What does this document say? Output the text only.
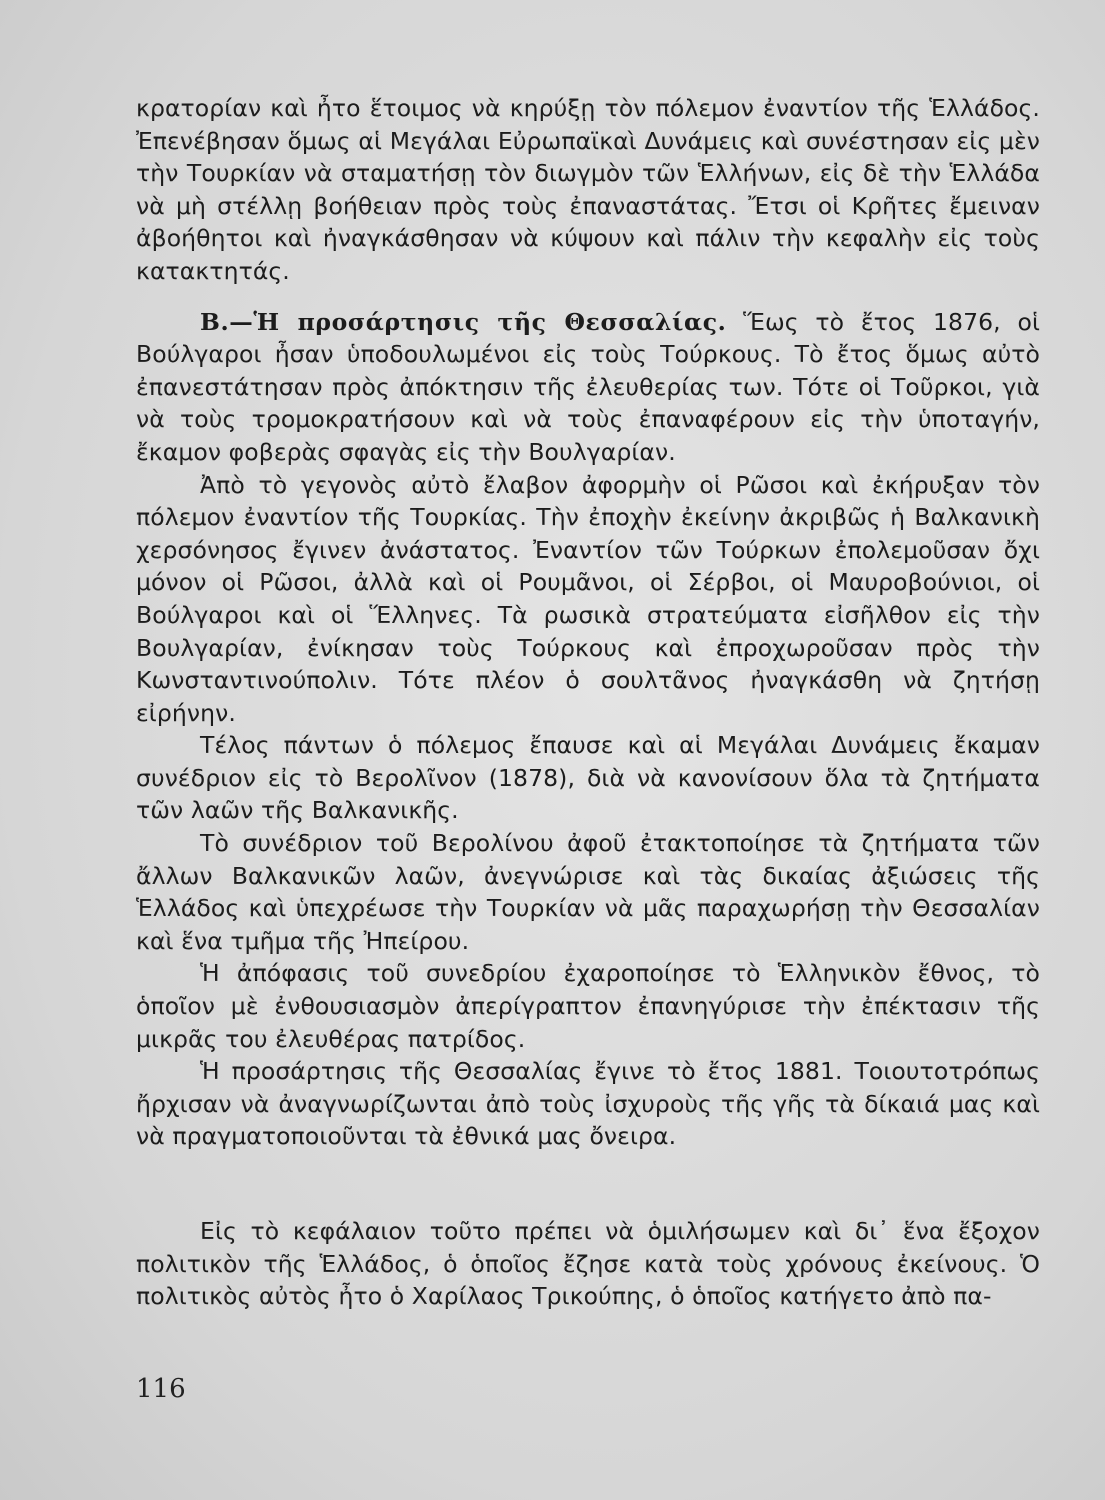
κρατορίαν καὶ ἦτο ἕτοιμος νὰ κηρύξῃ τὸν πόλεμον ἐναντίον τῆς Ἑλλάδος. Ἐπενέβησαν ὅμως αἱ Μεγάλαι Εὐρωπαϊκαὶ Δυνάμεις καὶ συνέστησαν εἰς μὲν τὴν Τουρκίαν νὰ σταματήσῃ τὸν διωγμὸν τῶν Ἑλλήνων, εἰς δὲ τὴν Ἑλλάδα νὰ μὴ στέλλῃ βοήθειαν πρὸς τοὺς ἐπαναστάτας. Ἔτσι οἱ Κρῆτες ἔμειναν ἀβοήθητοι καὶ ἠναγκάσθησαν νὰ κύψουν καὶ πάλιν τὴν κεφαλὴν εἰς τοὺς κατακτητάς.

Β.—Ἡ προσάρτησις τῆς Θεσσαλίας. Ἕως τὸ ἔτος 1876, οἱ Βούλγαροι ἦσαν ὑποδουλωμένοι εἰς τοὺς Τούρκους. Τὸ ἔτος ὅμως αὐτὸ ἐπανεστάτησαν πρὸς ἀπόκτησιν τῆς ἐλευθερίας των. Τότε οἱ Τοῦρκοι, γιὰ νὰ τοὺς τρομοκρατήσουν καὶ νὰ τοὺς ἐπαναφέρουν εἰς τὴν ὑποταγήν, ἔκαμον φοβερὰς σφαγὰς εἰς τὴν Βουλγαρίαν.

Ἀπὸ τὸ γεγονὸς αὐτὸ ἔλαβον ἀφορμὴν οἱ Ρῶσοι καὶ ἐκήρυξαν τὸν πόλεμον ἐναντίον τῆς Τουρκίας. Τὴν ἐποχὴν ἐκείνην ἀκριβῶς ἡ Βαλκανικὴ χερσόνησος ἔγινεν ἀνάστατος. Ἐναντίον τῶν Τούρκων ἐπολεμοῦσαν ὄχι μόνον οἱ Ρῶσοι, ἀλλὰ καὶ οἱ Ρουμᾶνοι, οἱ Σέρβοι, οἱ Μαυροβούνιοι, οἱ Βούλγαροι καὶ οἱ Ἕλληνες. Τὰ ρωσικὰ στρατεύματα εἰσῆλθον εἰς τὴν Βουλγαρίαν, ἐνίκησαν τοὺς Τούρκους καὶ ἐπροχωροῦσαν πρὸς τὴν Κωνσταντινούπολιν. Τότε πλέον ὁ σουλτᾶνος ἠναγκάσθη νὰ ζητήσῃ εἰρήνην.

Τέλος πάντων ὁ πόλεμος ἔπαυσε καὶ αἱ Μεγάλαι Δυνάμεις ἔκαμαν συνέδριον εἰς τὸ Βερολῖνον (1878), διὰ νὰ κανονίσουν ὅλα τὰ ζητήματα τῶν λαῶν τῆς Βαλκανικῆς.

Τὸ συνέδριον τοῦ Βερολίνου ἀφοῦ ἐτακτοποίησε τὰ ζητήματα τῶν ἄλλων Βαλκανικῶν λαῶν, ἀνεγνώρισε καὶ τὰς δικαίας ἀξιώσεις τῆς Ἑλλάδος καὶ ὑπεχρέωσε τὴν Τουρκίαν νὰ μᾶς παραχωρήσῃ τὴν Θεσσαλίαν καὶ ἕνα τμῆμα τῆς Ἠπείρου.

Ἡ ἀπόφασις τοῦ συνεδρίου ἐχαροποίησε τὸ Ἑλληνικὸν ἔθνος, τὸ ὁποῖον μὲ ἐνθουσιασμὸν ἀπερίγραπτον ἐπανηγύρισε τὴν ἐπέκτασιν τῆς μικρᾶς του ἐλευθέρας πατρίδος.

Ἡ προσάρτησις τῆς Θεσσαλίας ἔγινε τὸ ἔτος 1881. Τοιουτοτρόπως ἤρχισαν νὰ ἀναγνωρίζωνται ἀπὸ τοὺς ἰσχυροὺς τῆς γῆς τὰ δίκαιά μας καὶ νὰ πραγματοποιοῦνται τὰ ἐθνικά μας ὄνειρα.

Εἰς τὸ κεφάλαιον τοῦτο πρέπει νὰ ὁμιλήσωμεν καὶ δι᾽ ἕνα ἔξοχον πολιτικὸν τῆς Ἑλλάδος, ὁ ὁποῖος ἔζησε κατὰ τοὺς χρόνους ἐκείνους. Ὁ πολιτικὸς αὐτὸς ἦτο ὁ Χαρίλαος Τρικούπης, ὁ ὁποῖος κατήγετο ἀπὸ πα-

116
